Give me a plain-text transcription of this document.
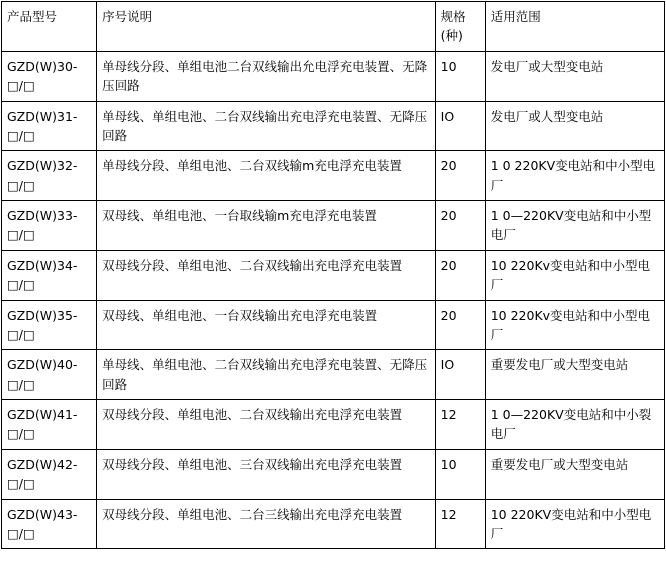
产品型号	序号说明	规格(种)	适用范围
GZD(W)30-□/□	单母线分段、单组电池二台双线输出允电浮充电装置、无降压回路	10	发电厂或大型变电站
GZD(W)31-□/□	单母线、单组电池、二台双线输出充电浮充电装置、无降压回路	IO	发电厂或人型变电站
GZD(W)32-□/□	单母线分段、单组电池、二台双线输m充电浮充电装置	20	1 0 220KV变电站和中小型电厂
GZD(W)33-□/□	双母线、单组电池、一台取线输m充电浮充电装置	20	1 0—220KV变电站和中小型电厂
GZD(W)34-□/□	双母线分段、单组电池、二台双线输出充电浮充电装置	20	10 220Kv变电站和中小型电厂
GZD(W)35-□/□	双母线、单组电池、一台双线输出充电浮充电装置	20	10 220Kv变电站和中小型电厂
GZD(W)40-□/□	单母线、单组电池、二台双线输出充电浮充电装置、无降压回路	IO	重要发电厂或大型变电站
GZD(W)41-□/□	双母线分段、单组电池、二台双线输出充电浮充电装置	12	1 0—220KV变电站和中小裂电厂
GZD(W)42-□/□	双母线分段、单组电池、三台双线输出充电浮充电装置	10	重要发电厂或大型变电站
GZD(W)43-□/□	双母线分段、单组电池、二台三线输出充电浮充电装置	12	10 220KV变电站和中小型电厂
